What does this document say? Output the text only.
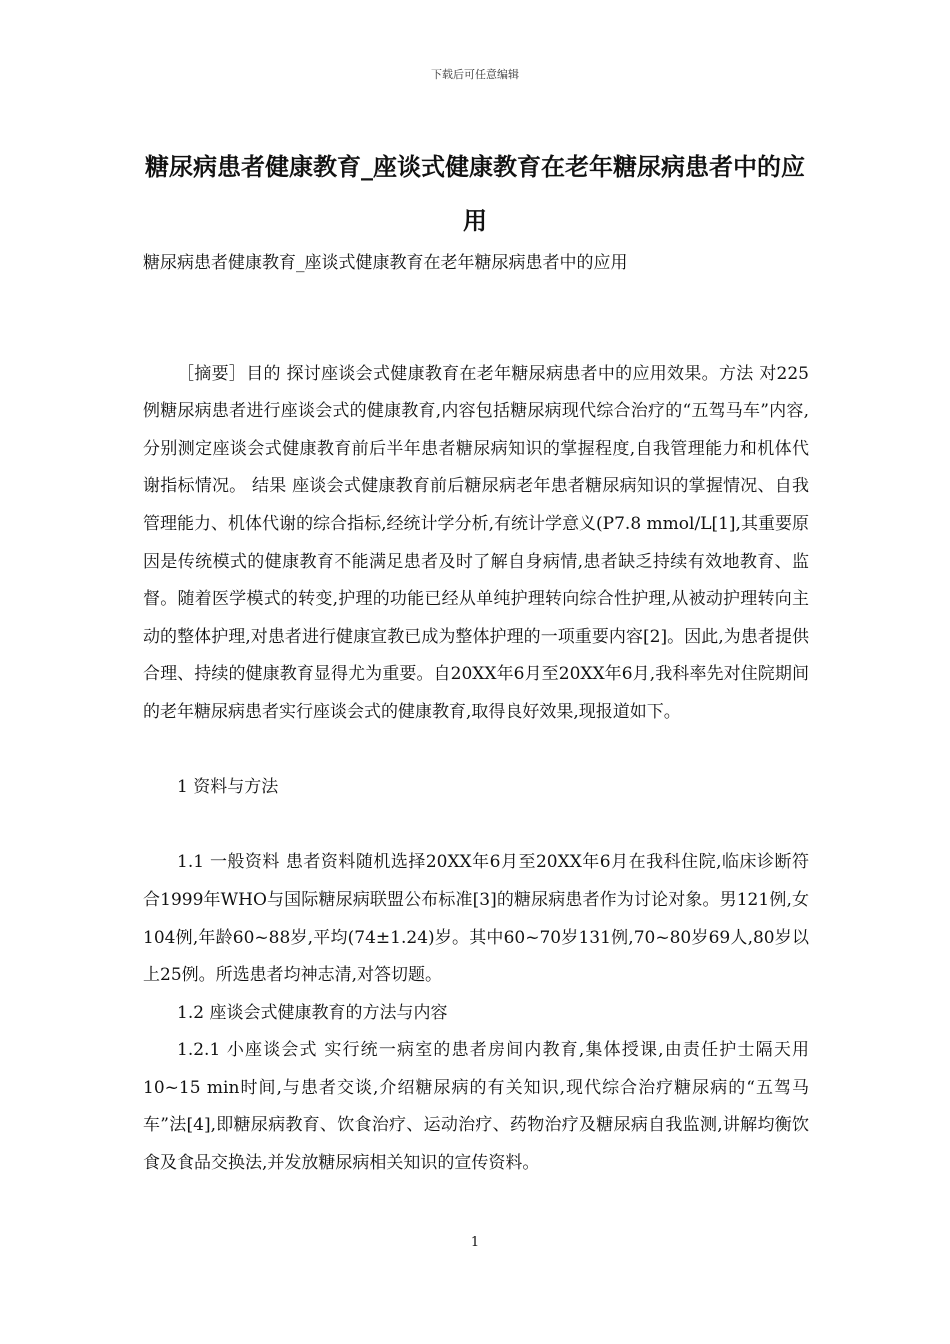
下载后可任意编辑
糖尿病患者健康教育_座谈式健康教育在老年糖尿病患者中的应用

糖尿病患者健康教育_座谈式健康教育在老年糖尿病患者中的应用

［摘要］目的 探讨座谈会式健康教育在老年糖尿病患者中的应用效果。方法 对225例糖尿病患者进行座谈会式的健康教育,内容包括糖尿病现代综合治疗的“五驾马车”内容,分别测定座谈会式健康教育前后半年患者糖尿病知识的掌握程度,自我管理能力和机体代谢指标情况。 结果 座谈会式健康教育前后糖尿病老年患者糖尿病知识的掌握情况、自我管理能力、机体代谢的综合指标,经统计学分析,有统计学意义(P7.8 mmol/L[1],其重要原因是传统模式的健康教育不能满足患者及时了解自身病情,患者缺乏持续有效地教育、监督。随着医学模式的转变,护理的功能已经从单纯护理转向综合性护理,从被动护理转向主动的整体护理,对患者进行健康宣教已成为整体护理的一项重要内容[2]。因此,为患者提供合理、持续的健康教育显得尤为重要。自20XX年6月至20XX年6月,我科率先对住院期间的老年糖尿病患者实行座谈会式的健康教育,取得良好效果,现报道如下。

1 资料与方法

1.1 一般资料 患者资料随机选择20XX年6月至20XX年6月在我科住院,临床诊断符合1999年WHO与国际糖尿病联盟公布标准[3]的糖尿病患者作为讨论对象。男121例,女104例,年龄60~88岁,平均(74±1.24)岁。其中60~70岁131例,70~80岁69人,80岁以上25例。所选患者均神志清,对答切题。

1.2 座谈会式健康教育的方法与内容

1.2.1 小座谈会式 实行统一病室的患者房间内教育,集体授课,由责任护士隔天用10~15 min时间,与患者交谈,介绍糖尿病的有关知识,现代综合治疗糖尿病的“五驾马车”法[4],即糖尿病教育、饮食治疗、运动治疗、药物治疗及糖尿病自我监测,讲解均衡饮食及食品交换法,并发放糖尿病相关知识的宣传资料。

1
